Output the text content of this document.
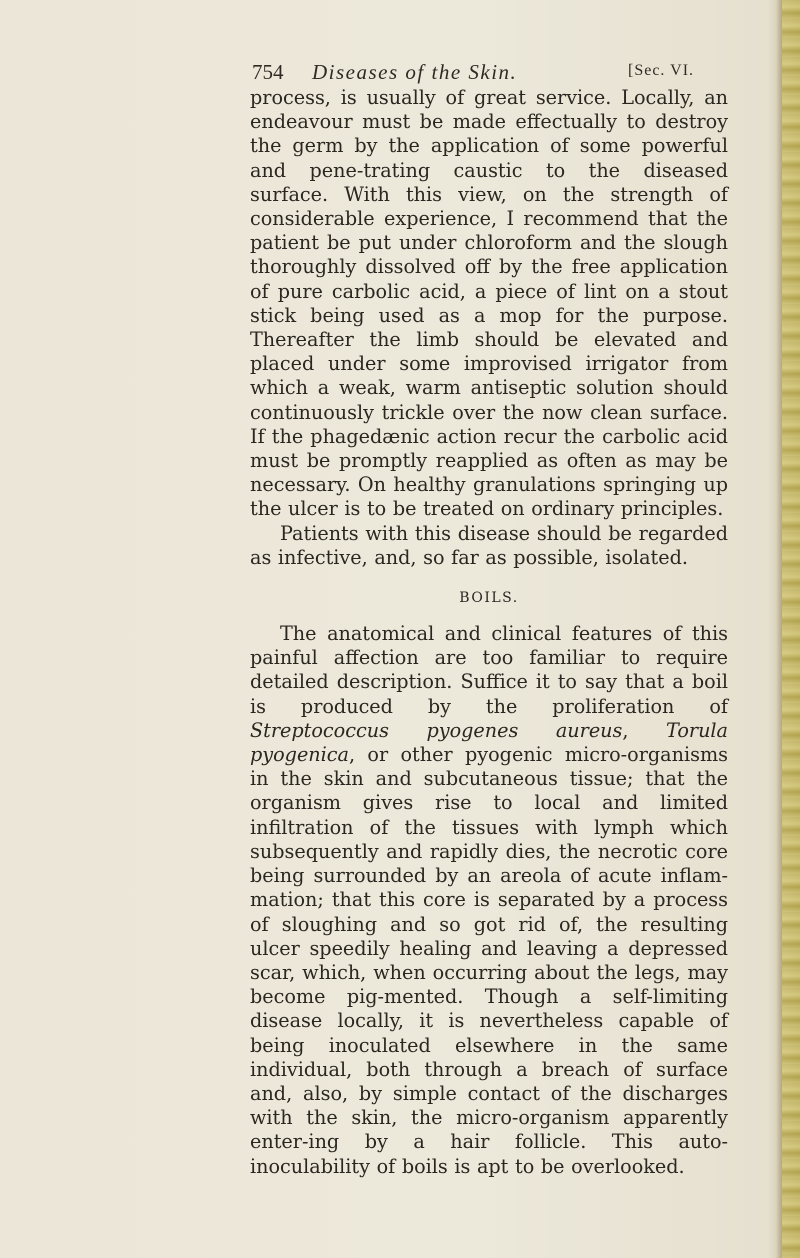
754 Diseases of the Skin.	[Sec. VI.

process, is usually of great service. Locally, an endeavour must be made effectually to destroy the germ by the application of some powerful and pene-trating caustic to the diseased surface. With this view, on the strength of considerable experience, I recommend that the patient be put under chloroform and the slough thoroughly dissolved off by the free application of pure carbolic acid, a piece of lint on a stout stick being used as a mop for the purpose. Thereafter the limb should be elevated and placed under some improvised irrigator from which a weak, warm antiseptic solution should continuously trickle over the now clean surface. If the phagedænic action recur the carbolic acid must be promptly reapplied as often as may be necessary. On healthy granulations springing up the ulcer is to be treated on ordinary principles.

Patients with this disease should be regarded as infective, and, so far as possible, isolated.

BOILS.

The anatomical and clinical features of this painful affection are too familiar to require detailed description. Suffice it to say that a boil is produced by the proliferation of Streptococcus pyogenes aureus, Torula pyogenica, or other pyogenic micro-organisms in the skin and subcutaneous tissue; that the organism gives rise to local and limited infiltration of the tissues with lymph which subsequently and rapidly dies, the necrotic core being surrounded by an areola of acute inflam-mation; that this core is separated by a process of sloughing and so got rid of, the resulting ulcer speedily healing and leaving a depressed scar, which, when occurring about the legs, may become pig-mented. Though a self-limiting disease locally, it is nevertheless capable of being inoculated elsewhere in the same individual, both through a breach of surface and, also, by simple contact of the discharges with the skin, the micro-organism apparently enter-ing by a hair follicle. This auto-inoculability of boils is apt to be overlooked.
